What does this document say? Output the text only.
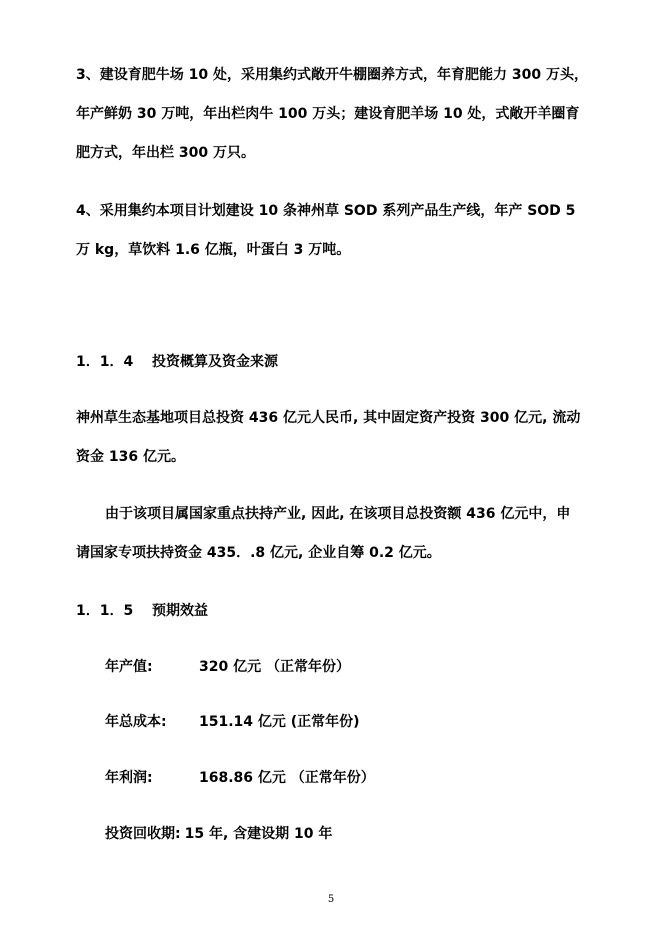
3、建设育肥牛场 10 处，采用集约式敞开牛棚圈养方式，年育肥能力 300 万头，
年产鲜奶 30 万吨，年出栏肉牛 100 万头；建设育肥羊场 10 处，式敞开羊圈育
肥方式，年出栏 300 万只。
4、采用集约本项目计划建设 10 条神州草 SOD 系列产品生产线，年产 SOD 5
万 kg，草饮料 1.6 亿瓶，叶蛋白 3 万吨。
1．1．4 投资概算及资金来源
神州草生态基地项目总投资 436 亿元人民币, 其中固定资产投资 300 亿元, 流动
资金 136 亿元。
由于该项目属国家重点扶持产业, 因此, 在该项目总投资额 436 亿元中，申
请国家专项扶持资金 435．.8 亿元, 企业自筹 0.2 亿元。
1．1．5 预期效益
年产值:	320 亿元 （正常年份）
年总成本: 151.14 亿元 (正常年份)
年利润:	168.86 亿元 （正常年份）
投资回收期: 15 年, 含建设期 10 年
5
